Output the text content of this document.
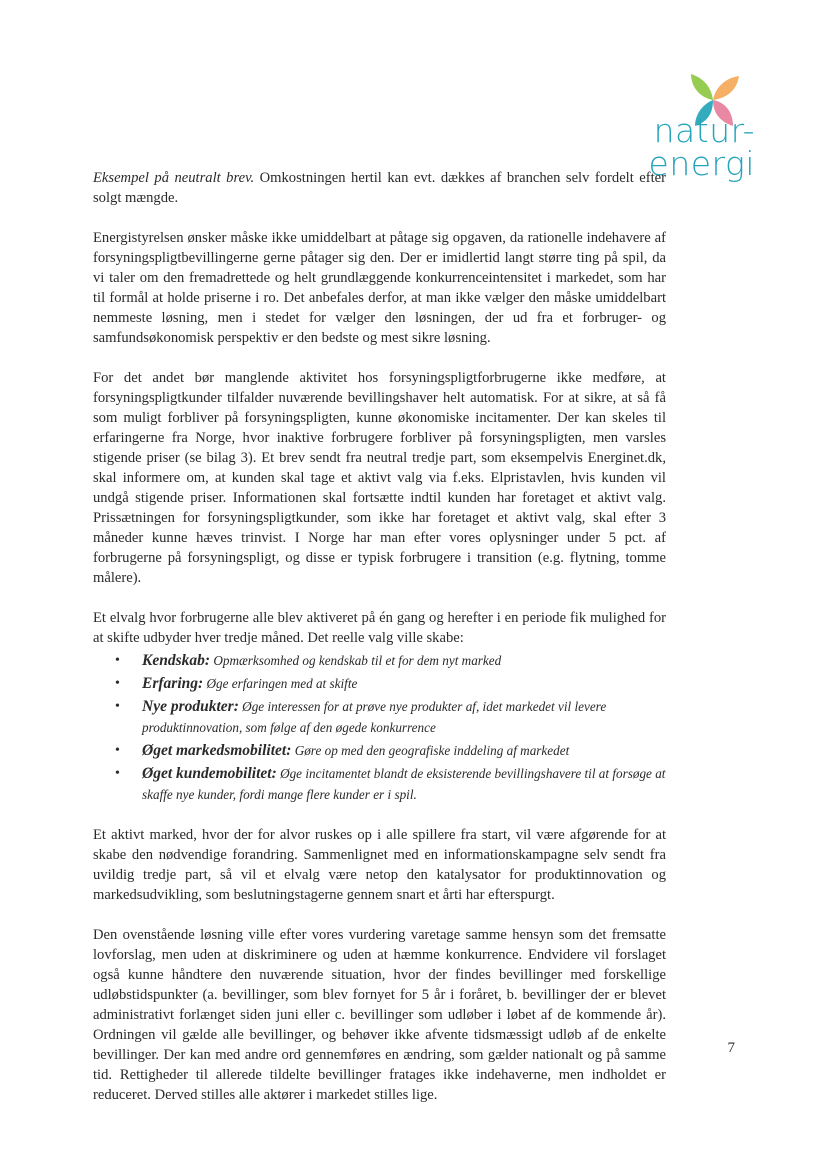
natur-energi

Eksempel på neutralt brev. Omkostningen hertil kan evt. dækkes af branchen selv fordelt efter solgt mængde.

Energistyrelsen ønsker måske ikke umiddelbart at påtage sig opgaven, da rationelle indehavere af forsyningspligtbevillingerne gerne påtager sig den. Der er imidlertid langt større ting på spil, da vi taler om den fremadrettede og helt grundlæggende konkurrenceintensitet i markedet, som har til formål at holde priserne i ro. Det anbefales derfor, at man ikke vælger den måske umiddelbart nemmeste løsning, men i stedet for vælger den løsningen, der ud fra et forbruger- og samfundsøkonomisk perspektiv er den bedste og mest sikre løsning.

For det andet bør manglende aktivitet hos forsyningspligtforbrugerne ikke medføre, at forsyningspligtkunder tilfalder nuværende bevillingshaver helt automatisk. For at sikre, at så få som muligt forbliver på forsyningspligten, kunne økonomiske incitamenter. Der kan skeles til erfaringerne fra Norge, hvor inaktive forbrugere forbliver på forsyningspligten, men varsles stigende priser (se bilag 3). Et brev sendt fra neutral tredje part, som eksempelvis Energinet.dk, skal informere om, at kunden skal tage et aktivt valg via f.eks. Elpristavlen, hvis kunden vil undgå stigende priser. Informationen skal fortsætte indtil kunden har foretaget et aktivt valg. Prissætningen for forsyningspligtkunder, som ikke har foretaget et aktivt valg, skal efter 3 måneder kunne hæves trinvist. I Norge har man efter vores oplysninger under 5 pct. af forbrugerne på forsyningspligt, og disse er typisk forbrugere i transition (e.g. flytning, tomme målere).

Et elvalg hvor forbrugerne alle blev aktiveret på én gang og herefter i en periode fik mulighed for at skifte udbyder hver tredje måned. Det reelle valg ville skabe:

• Kendskab: Opmærksomhed og kendskab til et for dem nyt marked
• Erfaring: Øge erfaringen med at skifte
• Nye produkter: Øge interessen for at prøve nye produkter af, idet markedet vil levere produktinnovation, som følge af den øgede konkurrence
• Øget markedsmobilitet: Gøre op med den geografiske inddeling af markedet
• Øget kundemobilitet: Øge incitamentet blandt de eksisterende bevillingshavere til at forsøge at skaffe nye kunder, fordi mange flere kunder er i spil.

Et aktivt marked, hvor der for alvor ruskes op i alle spillere fra start, vil være afgørende for at skabe den nødvendige forandring. Sammenlignet med en informationskampagne selv sendt fra uvildig tredje part, så vil et elvalg være netop den katalysator for produktinnovation og markedsudvikling, som beslutningstagerne gennem snart et årti har efterspurgt.

Den ovenstående løsning ville efter vores vurdering varetage samme hensyn som det fremsatte lovforslag, men uden at diskriminere og uden at hæmme konkurrence. Endvidere vil forslaget også kunne håndtere den nuværende situation, hvor der findes bevillinger med forskellige udløbstidspunkter (a. bevillinger, som blev fornyet for 5 år i foråret, b. bevillinger der er blevet administrativt forlænget siden juni eller c. bevillinger som udløber i løbet af de kommende år). Ordningen vil gælde alle bevillinger, og behøver ikke afvente tidsmæssigt udløb af de enkelte bevillinger. Der kan med andre ord gennemføres en ændring, som gælder nationalt og på samme tid. Rettigheder til allerede tildelte bevillinger fratages ikke indehaverne, men indholdet er reduceret. Derved stilles alle aktører i markedet stilles lige.

7
